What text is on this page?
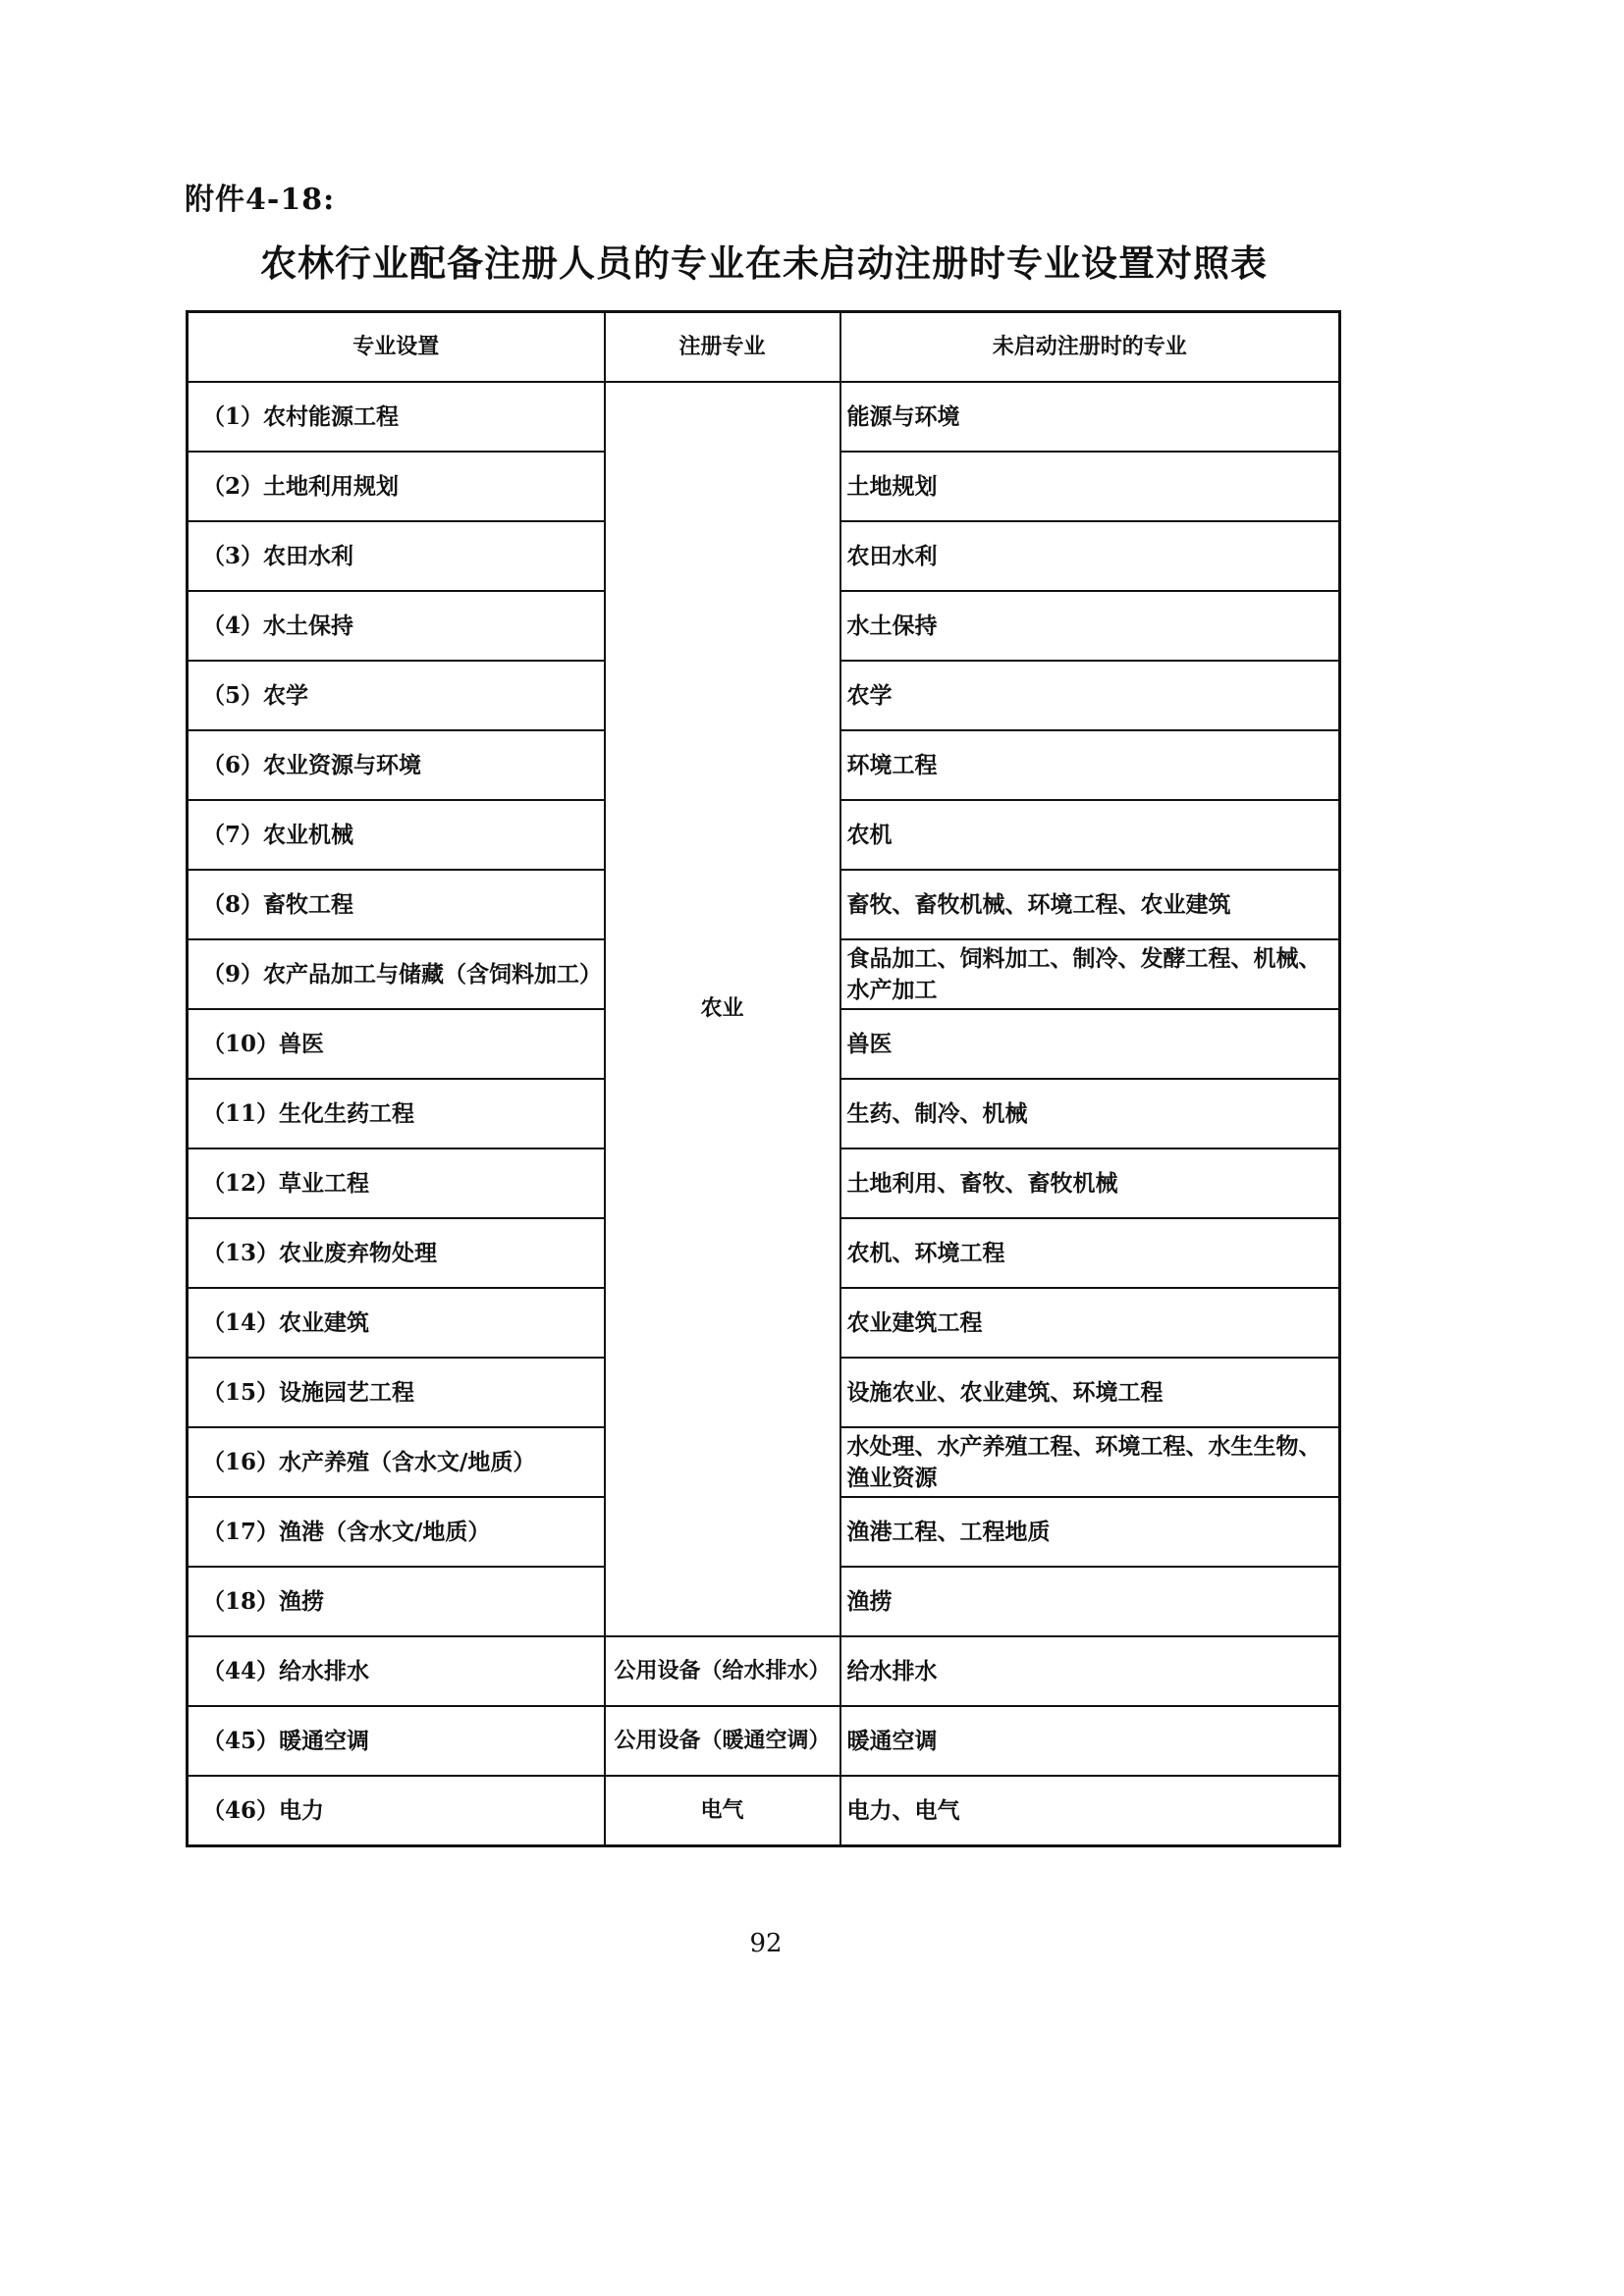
附件4-18:
农林行业配备注册人员的专业在未启动注册时专业设置对照表
专业设置	注册专业	未启动注册时的专业
（1）农村能源工程	农业	能源与环境
（2）土地利用规划		土地规划
（3）农田水利		农田水利
（4）水土保持		水土保持
（5）农学		农学
（6）农业资源与环境		环境工程
（7）农业机械		农机
（8）畜牧工程		畜牧、畜牧机械、环境工程、农业建筑
（9）农产品加工与储藏（含饲料加工）		食品加工、饲料加工、制冷、发酵工程、机械、水产加工
（10）兽医		兽医
（11）生化生药工程		生药、制冷、机械
（12）草业工程		土地利用、畜牧、畜牧机械
（13）农业废弃物处理		农机、环境工程
（14）农业建筑		农业建筑工程
（15）设施园艺工程		设施农业、农业建筑、环境工程
（16）水产养殖（含水文/地质）		水处理、水产养殖工程、环境工程、水生生物、渔业资源
（17）渔港（含水文/地质）		渔港工程、工程地质
（18）渔捞		渔捞
（44）给水排水	公用设备（给水排水）	给水排水
（45）暖通空调	公用设备（暖通空调）	暖通空调
（46）电力	电气	电力、电气
92
